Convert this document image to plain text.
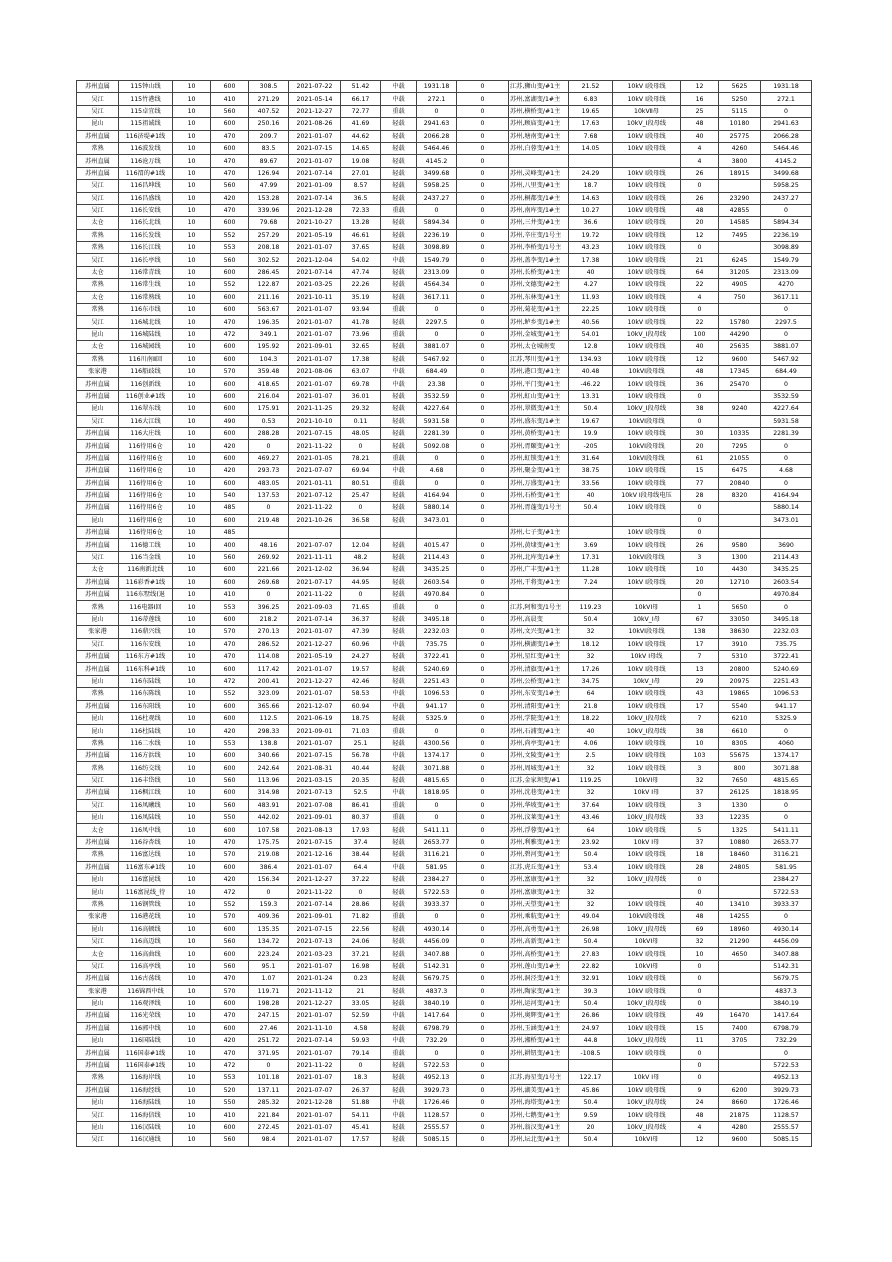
苏州直属	115钟山线	10	600	308.5	2021-07-22	51.42	中载	1931.18	0	江苏,狮山变/#1主	21.52	10kV Ⅰ段母线	12	5625	1931.18
吴江	115竹港线	10	410	271.29	2021-05-14	66.17	中载	272.1	0	苏州,富湖变/1#主	6.83	10kV Ⅰ段母线	16	5250	272.1
吴江	115卓宜线	10	560	407.52	2021-12-27	72.77	重载	0	0	苏州,横桥变/#1主	19.65	10kVⅡ母	25	5115	0
昆山	115祖诚线	10	600	250.16	2021-08-26	41.69	轻载	2941.63	0	苏州,顾庙变/#1主	17.63	10kV_Ⅰ段母线	48	10180	2941.63
苏州直属	116济堤#1线	10	470	209.7	2021-01-07	44.62	轻载	2066.28	0	苏州,塘南变/#1主	7.68	10kV Ⅰ段母线	40	25775	2066.28
常熟	116波发线	10	600	83.5	2021-07-15	14.65	轻载	5464.46	0	苏州,白蓉变/#1主	14.05	10kV Ⅰ段母线	4	4260	5464.46
苏州直属	116沧万线	10	470	89.67	2021-01-07	19.08	轻载	4145.2	0				4	3800	4145.2
苏州直属	116渭的#1线	10	470	126.94	2021-07-14	27.01	轻载	3499.68	0	苏州,灵峰变/#1主	24.29	10kV Ⅰ段母线	26	18915	3499.68
吴江	116昌坤线	10	560	47.99	2021-01-09	8.57	轻载	5958.25	0	苏州,八里变/#1主	18.7	10kV Ⅰ段母线	0		5958.25
吴江	116昌盛线	10	420	153.28	2021-07-14	36.5	轻载	2437.27	0	苏州,桐都变/1#主	14.63	10kV Ⅰ段母线	26	23290	2437.27
吴江	116长安线	10	470	339.96	2021-12-28	72.33	重载	0	0	苏州,南库变/1#主	10.27	10kV Ⅰ段母线	48	42855	0
太仓	116长北线	10	600	79.68	2021-10-27	13.28	轻载	5894.34	0	苏州,三井变/#1主	36.6	10kV Ⅰ段母线	20	14585	5894.34
常熟	116长发线	10	552	257.29	2021-05-19	46.61	轻载	2236.19	0	苏州,辛庄变/1号主	19.72	10kV Ⅰ段母线	12	7495	2236.19
常熟	116长江线	10	553	208.18	2021-01-07	37.65	轻载	3098.89	0	苏州,李桥变/1号主	43.23	10kV Ⅰ段母线	0		3098.89
吴江	116长亭线	10	560	302.52	2021-12-04	54.02	中载	1549.79	0	苏州,盖李变/1#主	17.38	10kV Ⅰ段母线	21	6245	1549.79
太仓	116常青线	10	600	286.45	2021-07-14	47.74	轻载	2313.09	0	苏州,长桥变/#1主	40	10kV Ⅰ段母线	64	31205	2313.09
常熟	116常生线	10	552	122.87	2021-03-25	22.26	轻载	4564.34	0	苏州,文德变/#2主	4.27	10kV Ⅰ段母线	22	4905	4270
太仓	116常熟线	10	600	211.16	2021-10-11	35.19	轻载	3617.11	0	苏州,东林变/#1主	11.93	10kV Ⅰ段母线	4	750	3617.11
常熟	116东市线	10	600	563.67	2021-01-07	93.94	重载	0	0	苏州,菊花变/#1主	22.25	10kV Ⅰ段母线	0		0
吴江	116城北线	10	470	196.35	2021-01-07	41.78	轻载	2297.5	0	苏州,鲈乡变/1#主	40.56	10kV Ⅰ段母线	22	15780	2297.5
昆山	116城陆线	10	472	349.1	2021-01-07	73.96	重载	0	0	苏州,金城变/#1主	54.01	10kV_Ⅰ段母线	100	44290	0
太仓	116城园线	10	600	195.92	2021-09-01	32.65	轻载	3881.07	0	苏州,太仓城南变	12.8	10kV Ⅰ段母线	40	25635	3881.07
常熟	116川南Ⅱ回	10	600	104.3	2021-01-07	17.38	轻载	5467.92	0	江苏,琴川变/#1主	134.93	10kV Ⅰ段母线	12	9600	5467.92
张家港	116船歧线	10	570	359.48	2021-08-06	63.07	中载	684.49	0	苏州,港口变/#1主	40.48	10kVⅠ段母线	48	17345	684.49
苏州直属	116创新线	10	600	418.65	2021-01-07	69.78	中载	23.38	0	苏州,平门变/#1主	-46.22	10kV Ⅰ段母线	36	25470	0
苏州直属	116创业#1线	10	600	216.04	2021-01-07	36.01	轻载	3532.59	0	苏州,虹山变/#1主	13.31	10kV Ⅰ段母线	0		3532.59
昆山	116翠东线	10	600	175.91	2021-11-25	29.32	轻载	4227.64	0	苏州,翠微变/#1主	50.4	10kV_Ⅰ段母线	38	9240	4227.64
吴江	116大江线	10	490	0.53	2021-10-10	0.11	轻载	5931.58	0	苏州,盛东变/1#主	19.67	10kVⅠ段母线	0		5931.58
苏州直属	116大庄线	10	600	288.28	2021-07-15	48.05	轻载	2281.39	0	苏州,黄桥变/#1主	19.9	10kV Ⅰ段母线	30	10335	2281.39
苏州直属	116待用6仓	10	420	0	2021-11-22	0	轻载	5092.08	0	苏州,胥颐变/#1主	-205	10kVⅠ段母线	20	7295	0
苏州直属	116待用6仓	10	600	469.27	2021-01-05	78.21	重载	0	0	苏州,虹锁变/#1主	31.64	10kVⅠ段母线	61	21055	0
苏州直属	116待用6仓	10	420	293.73	2021-07-07	69.94	中载	4.68	0	苏州,聚金变/#1主	38.75	10kV Ⅰ段母线	15	6475	4.68
苏州直属	116待用6仓	10	600	483.05	2021-01-11	80.51	重载	0	0	苏州,万盛变/#1主	33.56	10kV Ⅰ段母线	77	20840	0
苏州直属	116待用6仓	10	540	137.53	2021-07-12	25.47	轻载	4164.94	0	苏州,石桥变/#1主	40	10kV Ⅰ段母线电压	28	8320	4164.94
苏州直属	116待用6仓	10	485	0	2021-11-22	0	轻载	5880.14	0	苏州,胥蓬变/1号主	50.4	10kV Ⅰ段母线	0		5880.14
昆山	116待用6仓	10	600	219.48	2021-10-26	36.58	轻载	3473.01	0				0		3473.01
苏州直属	116待用6仓	10	485							苏州,七子变/#1主		10kV Ⅰ段母线	0		
苏州直属	116德工线	10	400	48.16	2021-07-07	12.04	轻载	4015.47	0	苏州,黄埭变/#1主	3.69	10kV Ⅰ段母线	26	9580	3690
吴江	116当金线	10	560	269.92	2021-11-11	48.2	轻载	2114.43	0	苏州,北库变/1#主	17.31	10kVⅠ段母线	3	1300	2114.43
太仓	116南新北线	10	600	221.66	2021-12-02	36.94	轻载	3435.25	0	苏州,广丰变/#1主	11.28	10kV Ⅰ段母线	10	4430	3435.25
苏州直属	116彩香#1线	10	600	269.68	2021-07-17	44.95	轻载	2603.54	0	苏州,干将变/#1主	7.24	10kV Ⅰ段母线	20	12710	2603.54
苏州直属	116东墅线(退	10	410	0	2021-11-22	0	轻载	4970.84	0				0		4970.84
常熟	116电器Ⅰ回	10	553	396.25	2021-09-03	71.65	重载	0	0	江苏,阿和变/1号主	119.23	10kVⅠ母	1	5650	0
昆山	116蒂莲线	10	600	218.2	2021-07-14	36.37	轻载	3495.18	0	苏州,高晨变	50.4	10kV_Ⅰ母	67	33050	3495.18
张家港	116鼎兴线	10	570	270.13	2021-01-07	47.39	轻载	2232.03	0	苏州,文兴变/#1主	32	10kVⅠ段母线	138	38630	2232.03
吴江	116东安线	10	470	286.52	2021-12-27	60.96	中载	735.75	0	苏州,横湖变/1#主	18.12	10kV Ⅰ段母线	17	3910	735.75
苏州直属	116东方#1线	10	470	114.08	2021-05-19	24.27	轻载	3722.41	0	苏州,星红变/#1主	32	10kV Ⅰ母线	7	5310	3722.41
苏州直属	116东科#1线	10	600	117.42	2021-01-07	19.57	轻载	5240.69	0	苏州,清旗变/#1主	17.26	10kV Ⅰ段母线	13	20800	5240.69
昆山	116东陆线	10	472	200.41	2021-12-27	42.46	轻载	2251.43	0	苏州,公桥变/#1主	34.75	10kV_Ⅰ母	29	20975	2251.43
常熟	116东陈线	10	552	323.09	2021-01-07	58.53	中载	1096.53	0	苏州,东安变/1#主	64	10kV Ⅰ段母线	43	19865	1096.53
苏州直属	116东阳线	10	600	365.66	2021-12-07	60.94	中载	941.17	0	苏州,清阳变/#1主	21.8	10kV Ⅰ段母线	17	5540	941.17
昆山	116杜观线	10	600	112.5	2021-06-19	18.75	轻载	5325.9	0	苏州,学院变/#1主	18.22	10kV_Ⅰ段母线	7	6210	5325.9
昆山	116杜陆线	10	420	298.33	2021-09-01	71.03	重载	0	0	苏州,石浦变/#1主	40	10kV_Ⅰ段母线	38	6610	0
常熟	116二水线	10	553	138.8	2021-01-07	25.1	轻载	4300.56	0	苏州,尚亭变/#1主	4.06	10kV Ⅰ段母线	10	8305	4060
苏州直属	116方浜线	10	600	340.66	2021-07-15	56.78	中载	1374.17	0	苏州,文陵变/#1主	2.5	10kV Ⅰ段母线	103	55675	1374.17
常熟	116纺交线	10	600	242.64	2021-08-31	40.44	轻载	3071.88	0	苏州,周城变/#1主	32	10kV Ⅰ段母线	3	800	3071.88
吴江	116丰岱线	10	560	113.96	2021-03-15	20.35	轻载	4815.65	0	江苏,金家坝变/#1	119.25	10kVⅠ母	32	7650	4815.65
苏州直属	116枫江线	10	600	314.98	2021-07-13	52.5	中载	1818.95	0	苏州,沈巷变/#1主	32	10kV Ⅰ母	37	26125	1818.95
吴江	116凤曦线	10	560	483.91	2021-07-08	86.41	重载	0	0	苏州,华坡变/#1主	37.64	10kV Ⅰ段母线	3	1330	0
昆山	116凤陆线	10	550	442.02	2021-09-01	80.37	重载	0	0	苏州,汶莱变/#1主	43.46	10kV_Ⅰ段母线	33	12235	0
太仓	116凤中线	10	600	107.58	2021-08-13	17.93	轻载	5411.11	0	苏州,浮蓉变/#1主	64	10kV Ⅰ段母线	5	1325	5411.11
苏州直属	116谷杏线	10	470	175.75	2021-07-15	37.4	轻载	2653.77	0	苏州,利雅变/#1主	23.92	10kV Ⅰ母	37	10880	2653.77
常熟	116富达线	10	570	219.08	2021-12-16	38.44	轻载	3116.21	0	苏州,碧河变/#1主	50.4	10kV Ⅰ段母线	18	18460	3116.21
苏州直属	116富东#1线	10	600	386.4	2021-01-07	64.4	中载	581.95	0	江苏,虎丘变/#1主	53.4	10kV Ⅰ段母线	28	24805	581.95
昆山	116富昆线	10	420	156.34	2021-12-27	37.22	轻载	2384.27	0	苏州,富康变/#1主	32	10kV_Ⅰ段母线	0		2384.27
昆山	116富昆线_待	10	472	0	2021-11-22	0	轻载	5722.53	0	苏州,富康变/#1主	32		0		5722.53
常熟	116钢管线	10	552	159.3	2021-07-14	28.86	轻载	3933.37	0	苏州,天望变/#1主	32	10kV Ⅰ段母线	40	13410	3933.37
张家港	116港花线	10	570	409.36	2021-09-01	71.82	重载	0	0	苏州,乘航变/#1主	49.04	10kVⅠ段母线	48	14255	0
昆山	116高顿线	10	600	135.35	2021-07-15	22.56	轻载	4930.14	0	苏州,高勇变/#1主	26.98	10kV_Ⅰ段母线	69	18960	4930.14
吴江	116高迈线	10	560	134.72	2021-07-13	24.06	轻载	4456.09	0	苏州,高新变/#1主	50.4	10kVⅠ母	32	21290	4456.09
太仓	116高曲线	10	600	223.24	2021-03-23	37.21	轻载	3407.88	0	苏州,高桥变/#1主	27.83	10kV Ⅰ段母线	10	4650	3407.88
吴江	116高亭线	10	560	95.1	2021-01-07	16.98	轻载	5142.31	0	苏州,莲山变/1#主	22.82	10kVⅠ母	0		5142.31
苏州直属	116古荡线	10	470	1.07	2021-01-24	0.23	轻载	5679.75	0	苏州,洞泾变/#1主	32.91	10kV Ⅰ段母线	0		5679.75
张家港	116锦西中线	10	570	119.71	2021-11-12	21	轻载	4837.3	0	苏州,陶家变/#1主	39.3	10kV Ⅰ段母线	0		4837.3
昆山	116观泽线	10	600	198.28	2021-12-27	33.05	轻载	3840.19	0	苏州,运河变/#1主	50.4	10kV_Ⅰ段母线	0		3840.19
苏州直属	116光荣线	10	470	247.15	2021-01-07	52.59	中载	1417.64	0	苏州,奥辉变/#1主	26.86	10kV Ⅰ段母线	49	16470	1417.64
苏州直属	116郭中线	10	600	27.46	2021-11-10	4.58	轻载	6798.79	0	苏州,玉涵变/#1主	24.97	10kV Ⅰ段母线	15	7400	6798.79
昆山	116国陆线	10	420	251.72	2021-07-14	59.93	中载	732.29	0	苏州,湘桥变/#1主	44.8	10kV_Ⅰ段母线	11	3705	732.29
苏州直属	116国泰#1线	10	470	371.95	2021-01-07	79.14	重载	0	0	苏州,耕钮变/#1主	-108.5	10kV Ⅰ段母线	0		0
苏州直属	116国泰#1线	10	472	0	2021-11-22	0	轻载	5722.53	0				0		5722.53
常熟	116海岸线	10	553	101.18	2021-01-07	18.3	轻载	4952.13	0	江苏,海星变/1号主	122.17	10kV Ⅰ母	0		4952.13
苏州直属	116海经线	10	520	137.11	2021-07-07	26.37	轻载	3929.73	0	苏州,湖美变/#1主	45.86	10kV Ⅰ段母线	9	6200	3929.73
昆山	116海陆线	10	550	285.32	2021-12-28	51.88	中载	1726.46	0	苏州,海塔变/#1主	50.4	10kV_Ⅰ段母线	24	8660	1726.46
吴江	116海信线	10	410	221.84	2021-01-07	54.11	中载	1128.57	0	苏州,七鹅变/#1主	9.59	10kV Ⅰ段母线	48	21875	1128.57
昆山	116汉陆线	10	600	272.45	2021-01-07	45.41	轻载	2555.57	0	苏州,翁汉变/#1主	20	10kV_Ⅰ段母线	4	4280	2555.57
吴江	116汉通线	10	560	98.4	2021-01-07	17.57	轻载	5085.15	0	苏州,坛北变/#1主	50.4	10kVⅠ母	12	9600	5085.15
